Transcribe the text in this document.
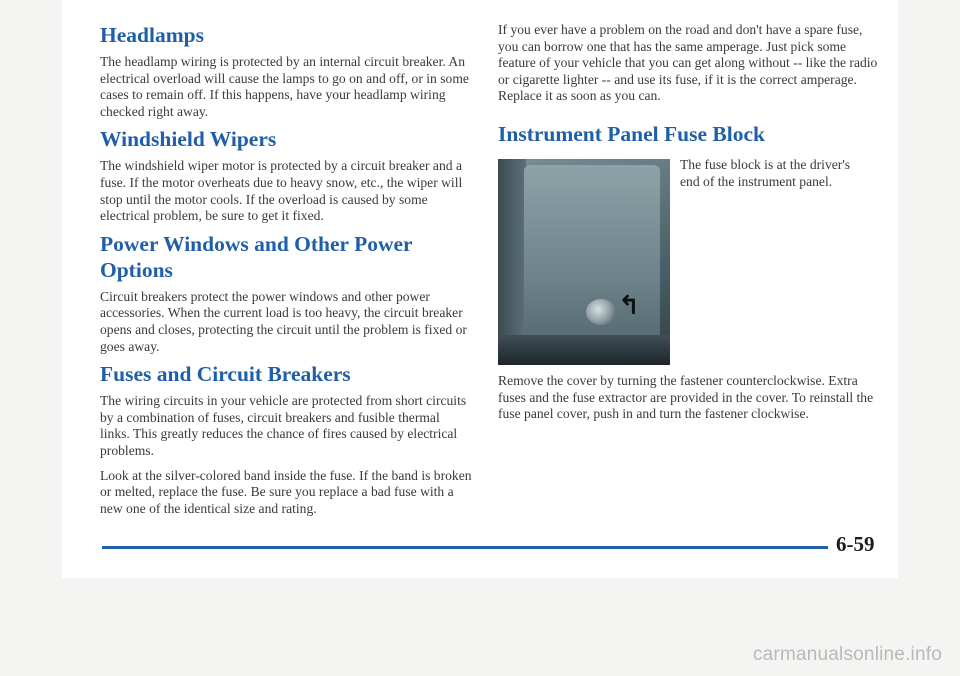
Headlamps

The headlamp wiring is protected by an internal circuit breaker. An electrical overload will cause the lamps to go on and off, or in some cases to remain off. If this happens, have your headlamp wiring checked right away.

Windshield Wipers

The windshield wiper motor is protected by a circuit breaker and a fuse. If the motor overheats due to heavy snow, etc., the wiper will stop until the motor cools. If the overload is caused by some electrical problem, be sure to get it fixed.

Power Windows and Other Power Options

Circuit breakers protect the power windows and other power accessories. When the current load is too heavy, the circuit breaker opens and closes, protecting the circuit until the problem is fixed or goes away.

Fuses and Circuit Breakers

The wiring circuits in your vehicle are protected from short circuits by a combination of fuses, circuit breakers and fusible thermal links. This greatly reduces the chance of fires caused by electrical problems.

Look at the silver-colored band inside the fuse. If the band is broken or melted, replace the fuse. Be sure you replace a bad fuse with a new one of the identical size and rating.

If you ever have a problem on the road and don't have a spare fuse, you can borrow one that has the same amperage. Just pick some feature of your vehicle that you can get along without -- like the radio or cigarette lighter -- and use its fuse, if it is the correct amperage. Replace it as soon as you can.

Instrument Panel Fuse Block
↰

The fuse block is at the driver's end of the instrument panel.

Remove the cover by turning the fastener counterclockwise. Extra fuses and the fuse extractor are provided in the cover. To reinstall the fuse panel cover, push in and turn the fastener clockwise.

6-59
carmanualsonline.info
